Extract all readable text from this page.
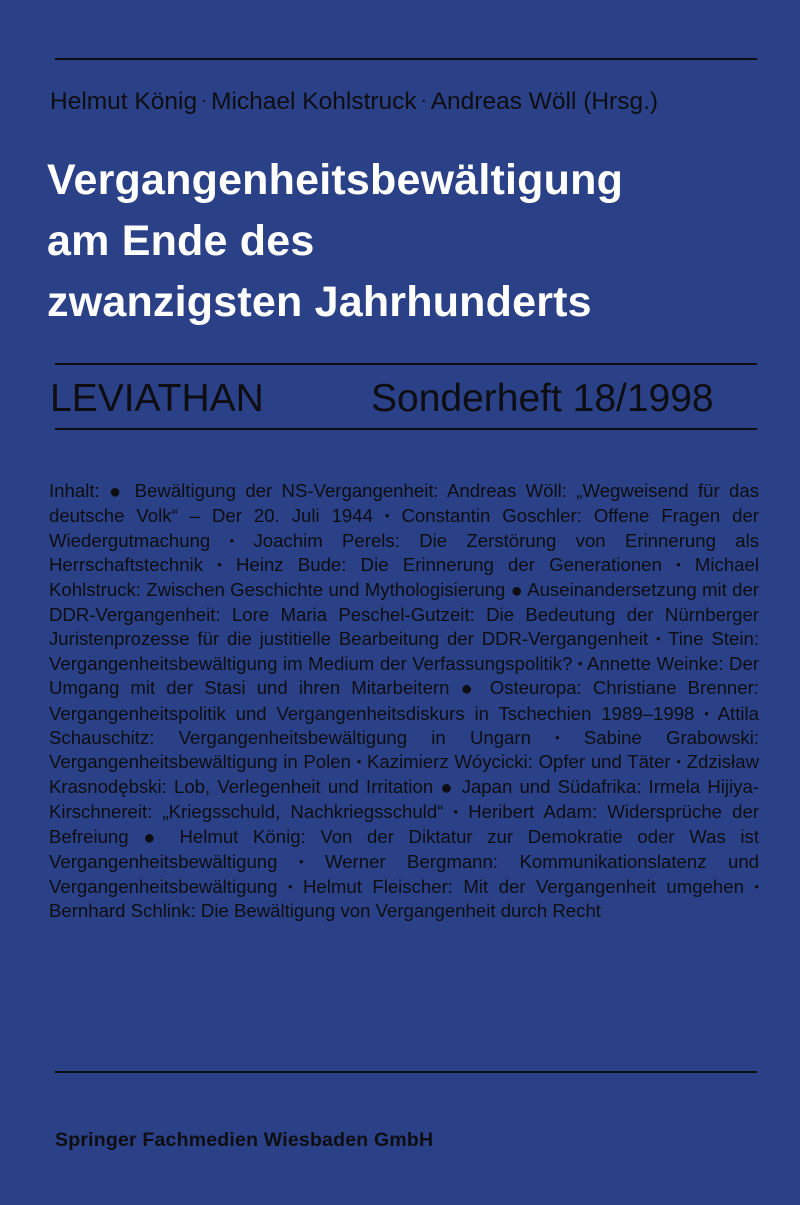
Helmut König · Michael Kohlstruck · Andreas Wöll (Hrsg.)
Vergangenheitsbewältigung
am Ende des
zwanzigsten Jahrhunderts
LEVIATHAN	Sonderheft 18/1998
Inhalt: ● Bewältigung der NS-Vergangenheit: Andreas Wöll: „Wegweisend für das deutsche Volk“ – Der 20. Juli 1944 • Constantin Goschler: Offene Fragen der Wiedergutmachung • Joachim Perels: Die Zerstörung von Erinnerung als Herrschaftstechnik • Heinz Bude: Die Erinnerung der Generationen • Michael Kohlstruck: Zwischen Geschichte und Mythologisierung ● Auseinandersetzung mit der DDR-Vergangenheit: Lore Maria Peschel-Gutzeit: Die Bedeutung der Nürnberger Juristenprozesse für die justitielle Bearbeitung der DDR-Vergangenheit • Tine Stein: Vergangenheitsbewältigung im Medium der Verfassungspolitik? • Annette Weinke: Der Umgang mit der Stasi und ihren Mitarbeitern ● Osteuropa: Christiane Brenner: Vergangenheitspolitik und Vergangenheitsdiskurs in Tschechien 1989–1998 • Attila Schauschitz: Vergangenheitsbewältigung in Ungarn • Sabine Grabowski: Vergangenheitsbewältigung in Polen • Kazimierz Wóycicki: Opfer und Täter • Zdzisław Krasnodębski: Lob, Verlegenheit und Irritation ● Japan und Südafrika: Irmela Hijiya-Kirschnereit: „Kriegsschuld, Nachkriegsschuld“ • Heribert Adam: Widersprüche der Befreiung ● Helmut König: Von der Diktatur zur Demokratie oder Was ist Vergangenheitsbewältigung • Werner Bergmann: Kommunikationslatenz und Vergangenheitsbewältigung • Helmut Fleischer: Mit der Vergangenheit umgehen • Bernhard Schlink: Die Bewältigung von Vergangenheit durch Recht
Springer Fachmedien Wiesbaden GmbH
